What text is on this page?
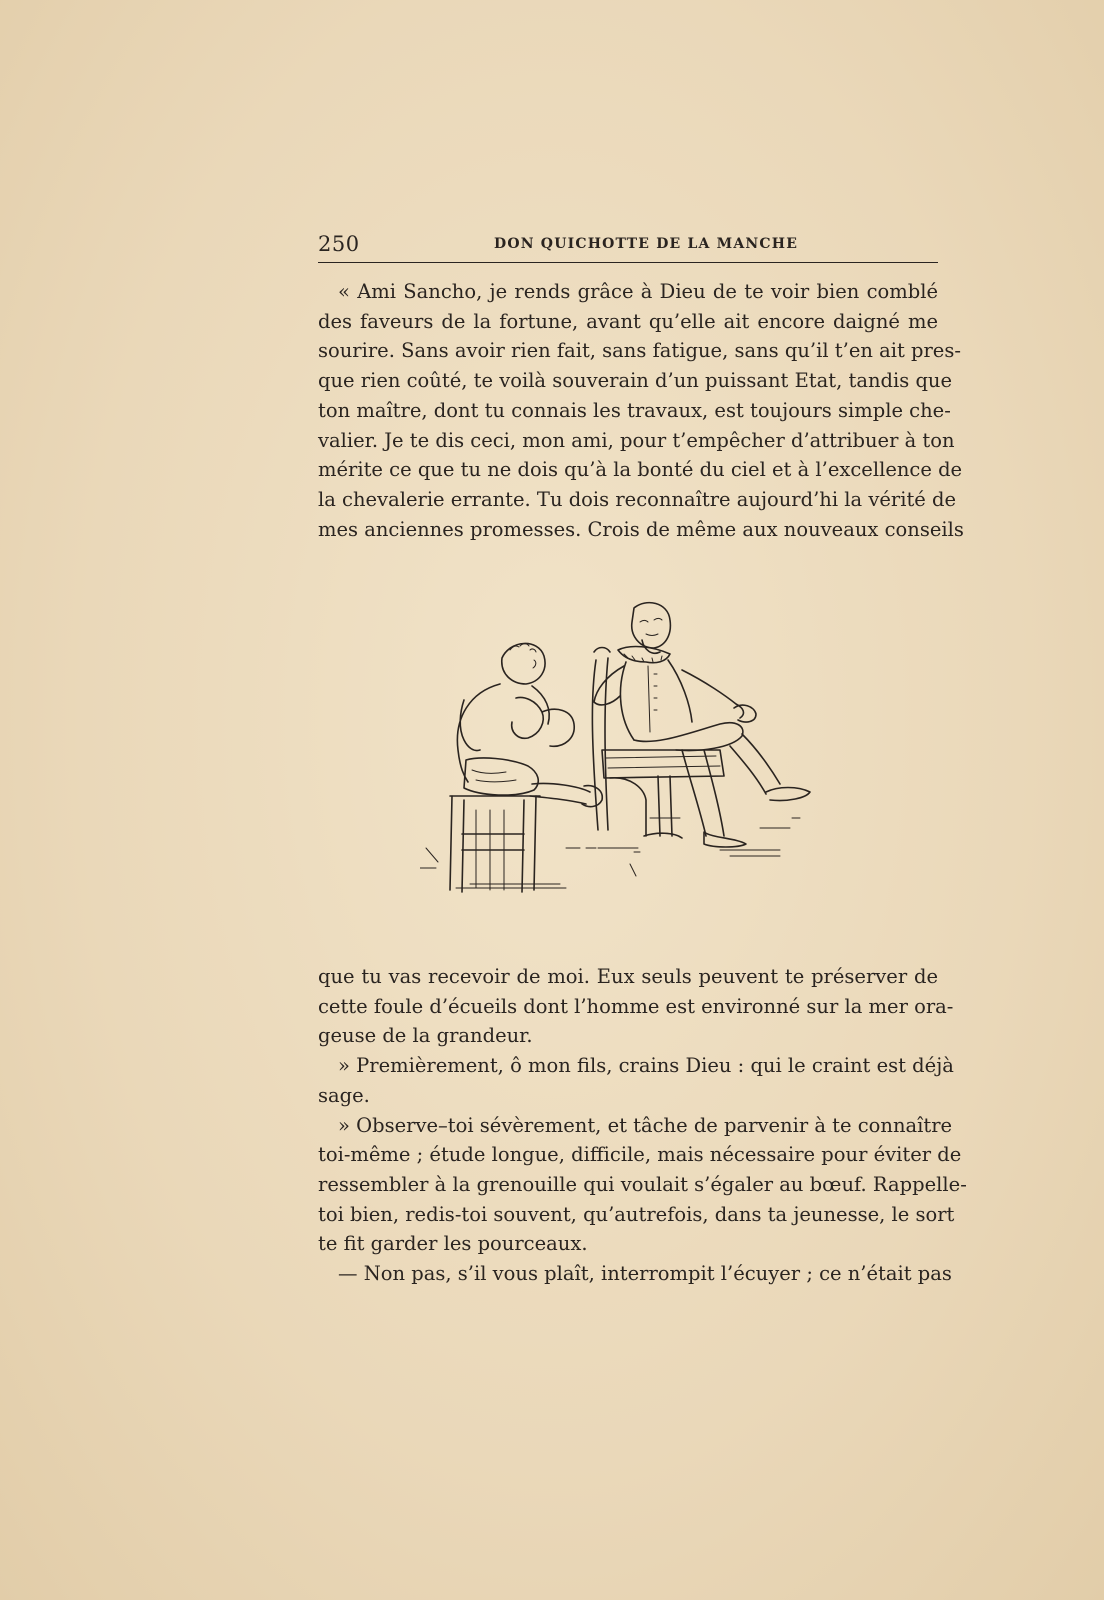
250	DON QUICHOTTE DE LA MANCHE
« Ami Sancho, je rends grâce à Dieu de te voir bien comblé
des faveurs de la fortune, avant qu’elle ait encore daigné me
sourire. Sans avoir rien fait, sans fatigue, sans qu’il t’en ait pres-
que rien coûté, te voilà souverain d’un puissant Etat, tandis que
ton maître, dont tu connais les travaux, est toujours simple che-
valier. Je te dis ceci, mon ami, pour t’empêcher d’attribuer à ton
mérite ce que tu ne dois qu’à la bonté du ciel et à l’excellence de
la chevalerie errante. Tu dois reconnaître aujourd’hi la vérité de
mes anciennes promesses. Crois de même aux nouveaux conseils
que tu vas recevoir de moi. Eux seuls peuvent te préserver de
cette foule d’écueils dont l’homme est environné sur la mer ora-
geuse de la grandeur.
» Premièrement, ô mon fils, crains Dieu : qui le craint est déjà
sage.
» Observe–toi sévèrement, et tâche de parvenir à te connaître
toi-même ; étude longue, difficile, mais nécessaire pour éviter de
ressembler à la grenouille qui voulait s’égaler au bœuf. Rappelle-
toi bien, redis-toi souvent, qu’autrefois, dans ta jeunesse, le sort
te fit garder les pourceaux.
— Non pas, s’il vous plaît, interrompit l’écuyer ; ce n’était pas
